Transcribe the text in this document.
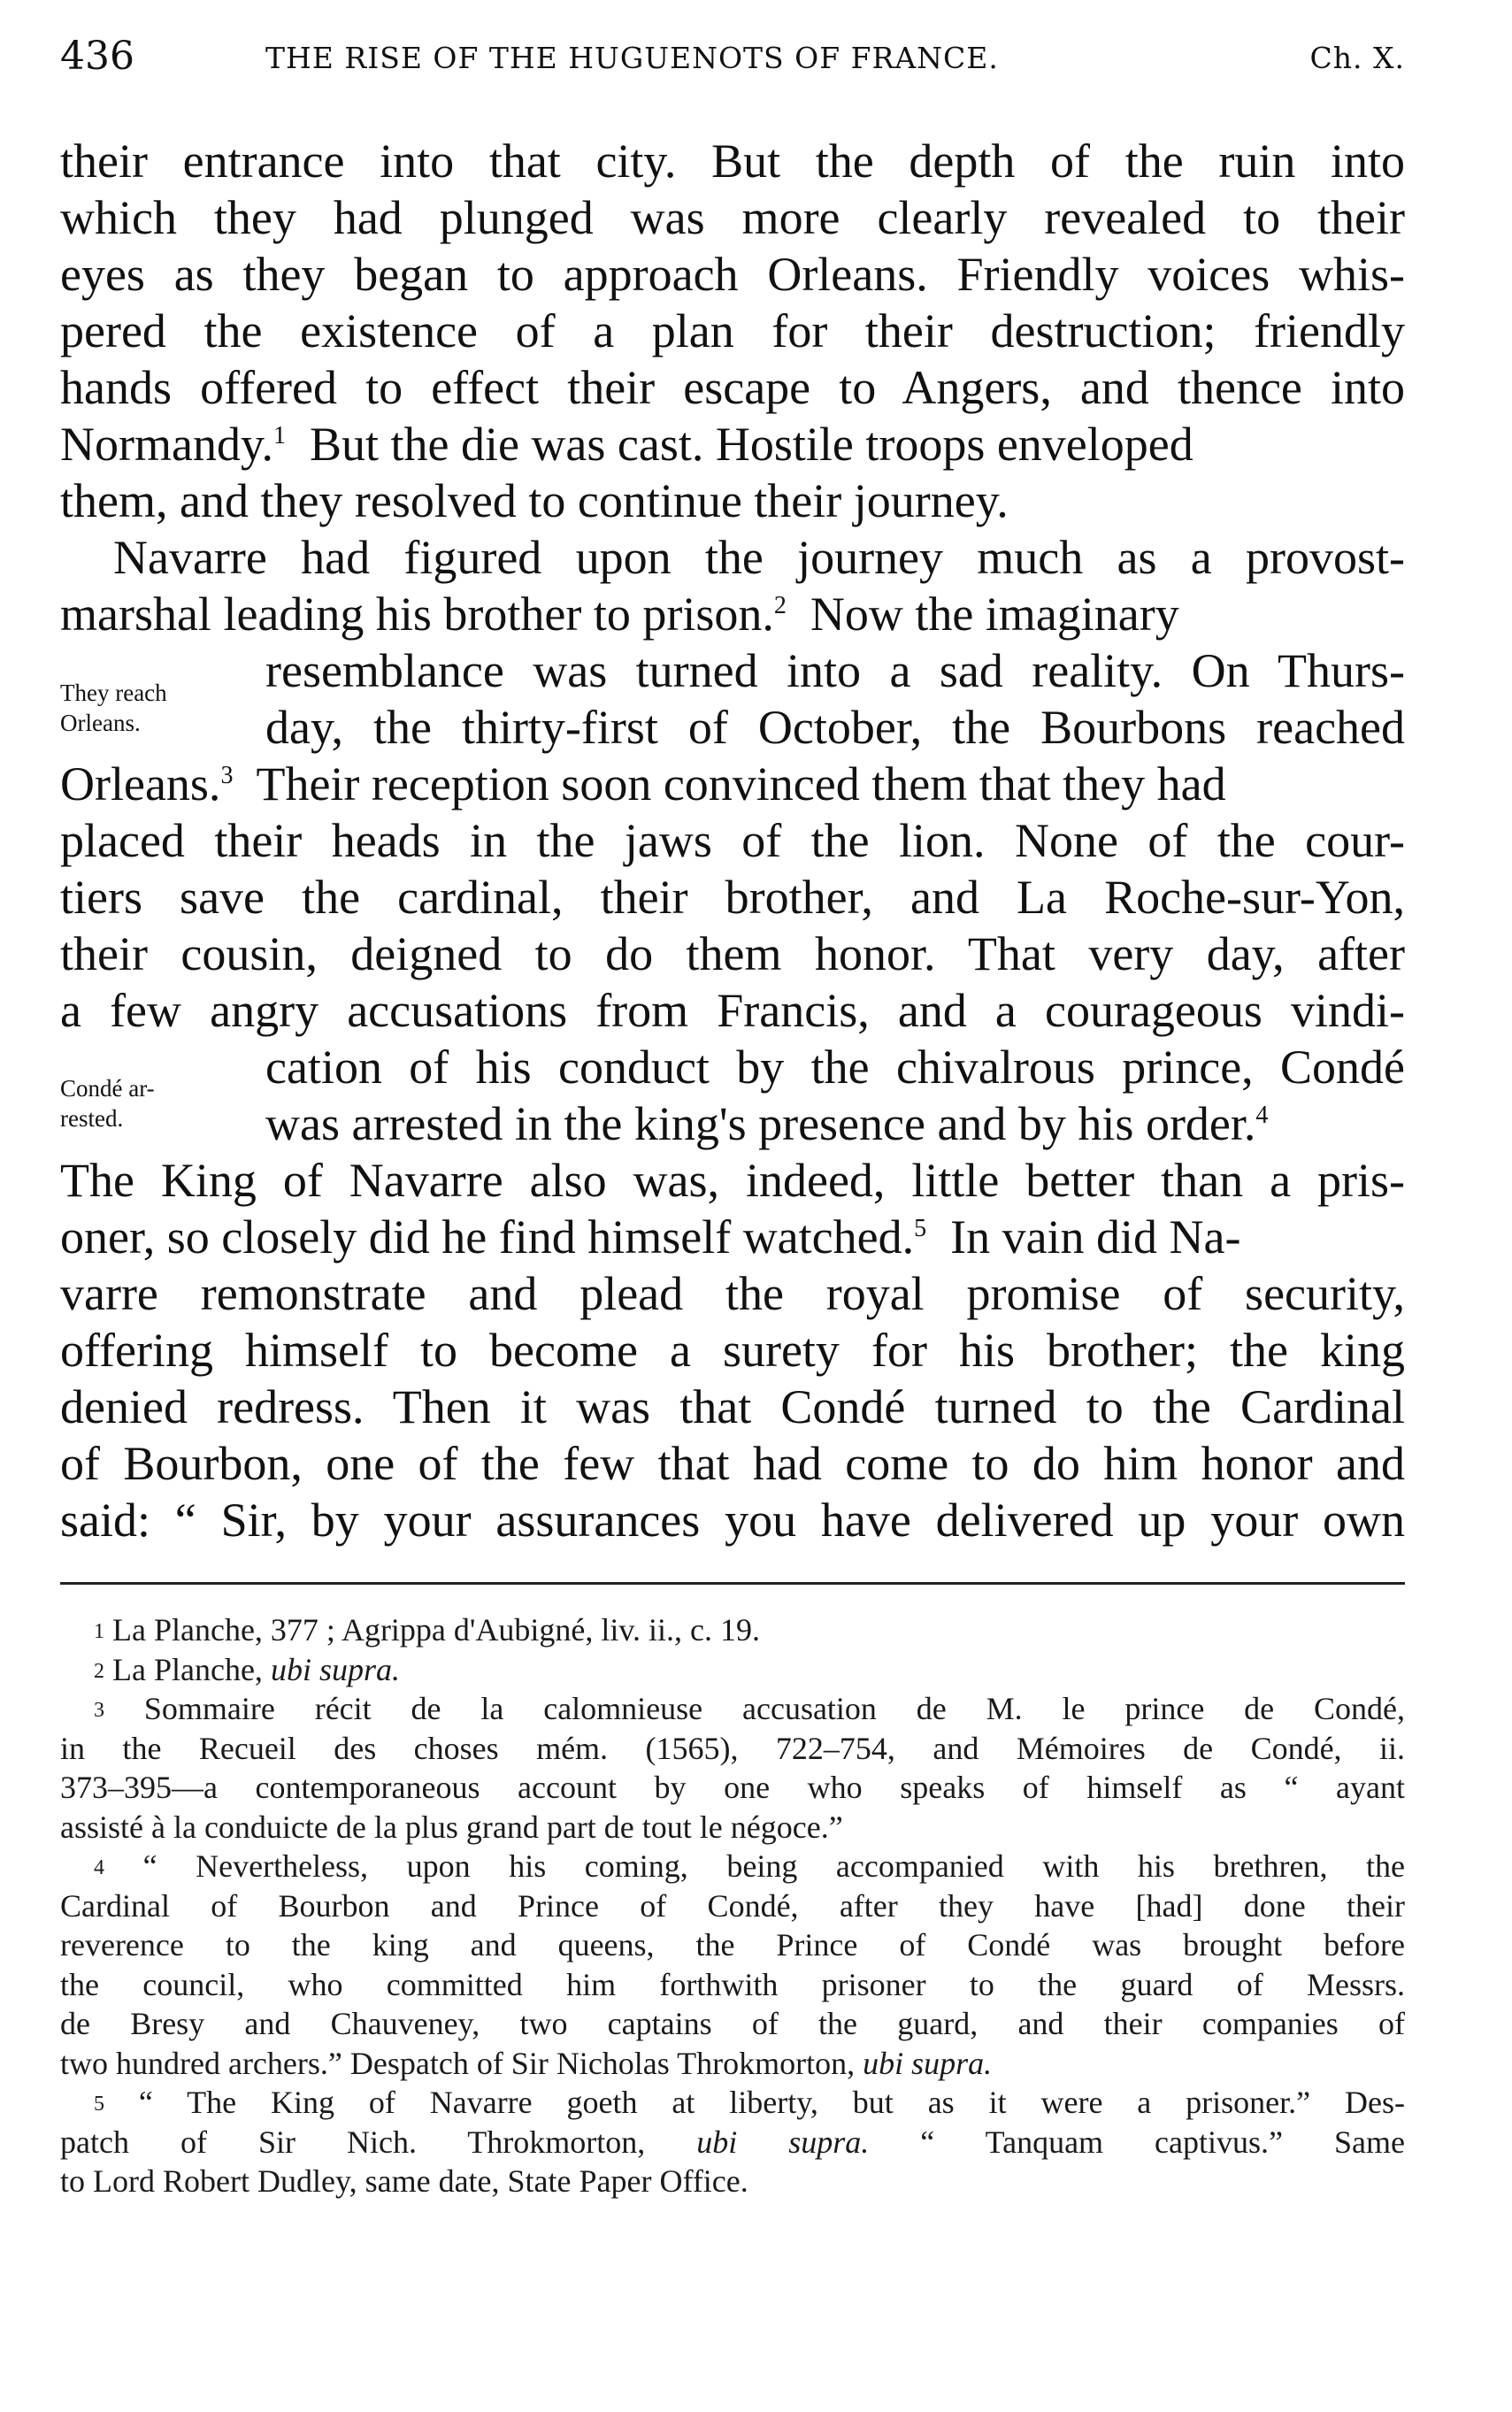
436	THE RISE OF THE HUGUENOTS OF FRANCE.	Ch. X.
their entrance into that city. But the depth of the ruin into
which they had plunged was more clearly revealed to their
eyes as they began to approach Orleans. Friendly voices whis-
pered the existence of a plan for their destruction; friendly
hands offered to effect their escape to Angers, and thence into
Normandy.$^1$ But the die was cast. Hostile troops enveloped
them, and they resolved to continue their journey.
Navarre had figured upon the journey much as a provost-
marshal leading his brother to prison.$^2$ Now the imaginary
resemblance was turned into a sad reality. On Thurs-
day, the thirty-first of October, the Bourbons reached
Orleans.$^3$ Their reception soon convinced them that they had
placed their heads in the jaws of the lion. None of the cour-
tiers save the cardinal, their brother, and La Roche-sur-Yon,
their cousin, deigned to do them honor. That very day, after
a few angry accusations from Francis, and a courageous vindi-
cation of his conduct by the chivalrous prince, Condé
was arrested in the king's presence and by his order.$^4$
The King of Navarre also was, indeed, little better than a pris-
oner, so closely did he find himself watched.$^5$ In vain did Na-
varre remonstrate and plead the royal promise of security,
offering himself to become a surety for his brother; the king
denied redress. Then it was that Condé turned to the Cardinal
of Bourbon, one of the few that had come to do him honor and
said: “ Sir, by your assurances you have delivered up your own
They reach
Orleans.
Condé ar-
rested.
$^1$ La Planche, 377 ; Agrippa d'Aubigné, liv. ii., c. 19.
$^2$ La Planche, ubi supra.
$^3$ Sommaire récit de la calomnieuse accusation de M. le prince de Condé,
in the Recueil des choses mém. (1565), 722–754, and Mémoires de Condé, ii.
373–395—a contemporaneous account by one who speaks of himself as “ ayant
assisté à la conduicte de la plus grand part de tout le négoce.”
$^4$ “ Nevertheless, upon his coming, being accompanied with his brethren, the
Cardinal of Bourbon and Prince of Condé, after they have [had] done their
reverence to the king and queens, the Prince of Condé was brought before
the council, who committed him forthwith prisoner to the guard of Messrs.
de Bresy and Chauveney, two captains of the guard, and their companies of
two hundred archers.” Despatch of Sir Nicholas Throkmorton, ubi supra.
$^5$ “ The King of Navarre goeth at liberty, but as it were a prisoner.” Des-
patch of Sir Nich. Throkmorton, ubi supra. “ Tanquam captivus.” Same
to Lord Robert Dudley, same date, State Paper Office.
